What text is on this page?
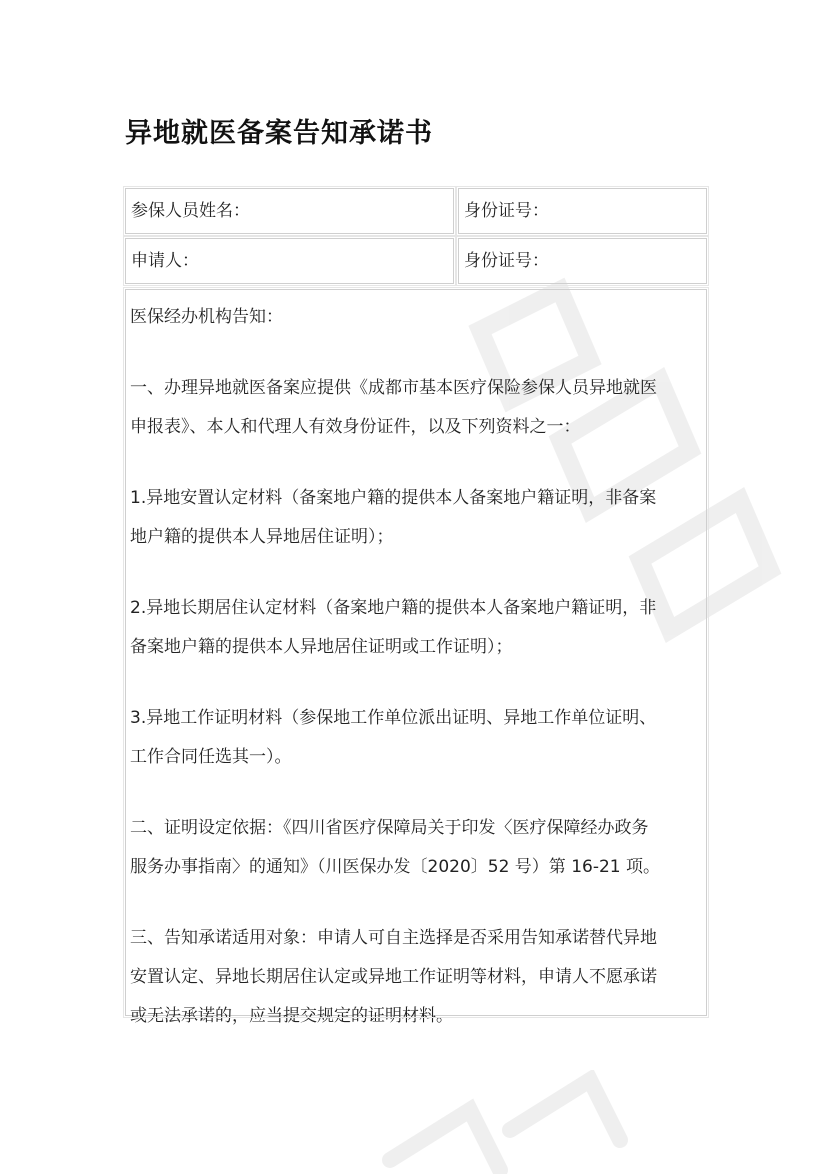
异地就医备案告知承诺书
参保人员姓名：	身份证号：
申请人：	身份证号：

医保经办机构告知：

一、办理异地就医备案应提供《成都市基本医疗保险参保人员异地就医

申报表》、本人和代理人有效身份证件，以及下列资料之一：

1.异地安置认定材料（备案地户籍的提供本人备案地户籍证明，非备案

地户籍的提供本人异地居住证明）；

2.异地长期居住认定材料（备案地户籍的提供本人备案地户籍证明，非

备案地户籍的提供本人异地居住证明或工作证明）；

3.异地工作证明材料（参保地工作单位派出证明、异地工作单位证明、

工作合同任选其一）。

二、证明设定依据：《四川省医疗保障局关于印发〈医疗保障经办政务

服务办事指南〉的通知》（川医保办发〔2020〕52 号）第 16-21 项。

三、告知承诺适用对象：申请人可自主选择是否采用告知承诺替代异地

安置认定、异地长期居住认定或异地工作证明等材料，申请人不愿承诺

或无法承诺的，应当提交规定的证明材料。
